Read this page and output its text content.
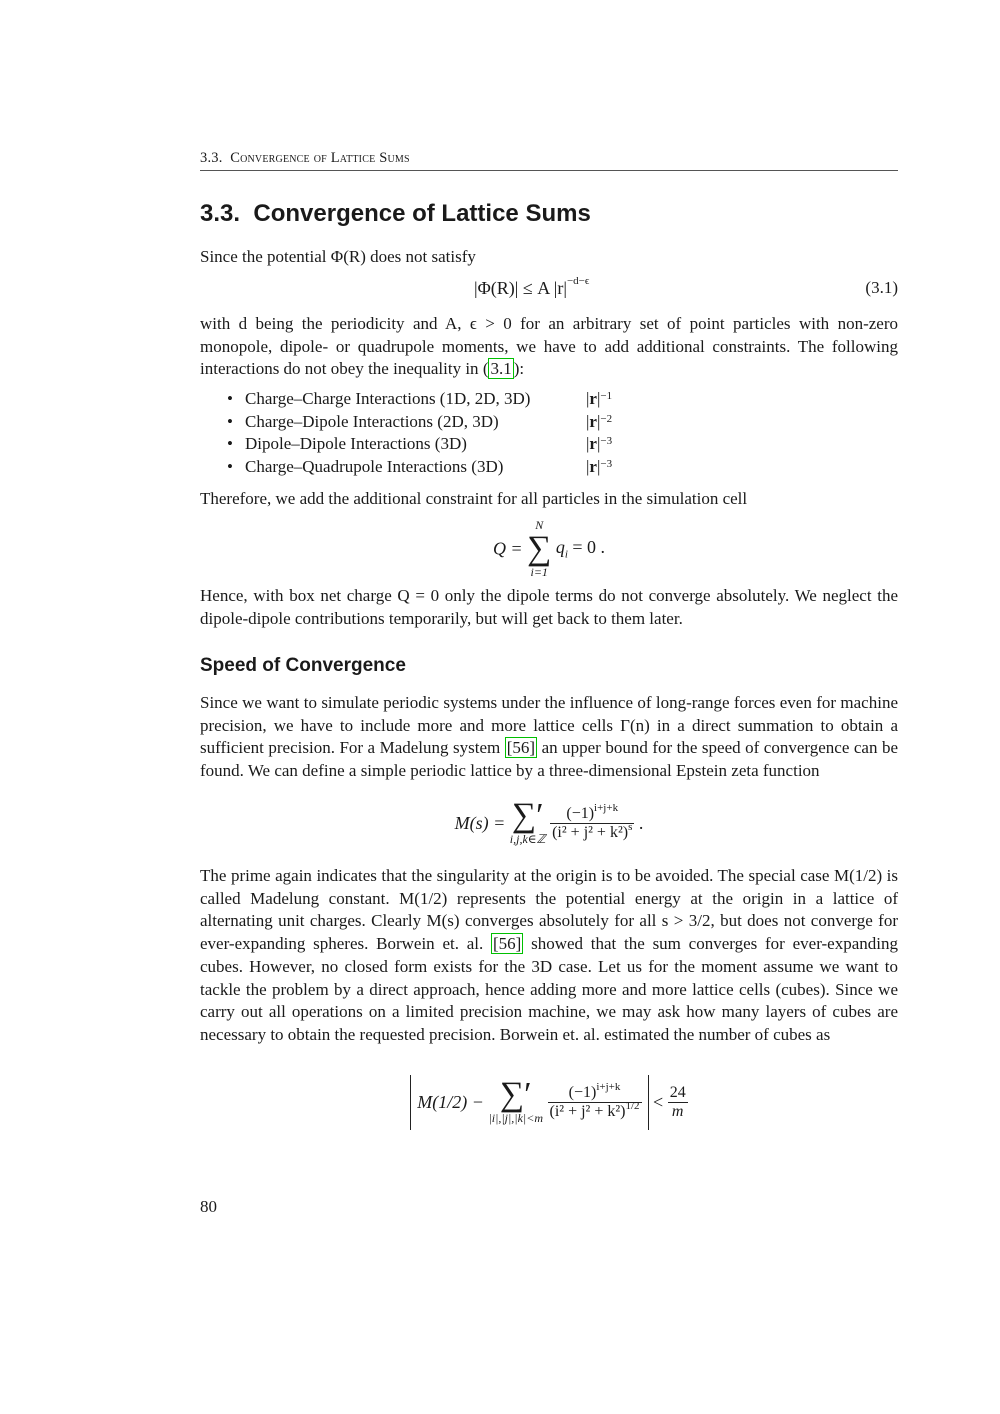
3.3. Convergence of Lattice Sums
3.3. Convergence of Lattice Sums

Since the potential Φ(R) does not satisfy

|Φ(R)| ≤ A $|r|^{-d-\epsilon}$	(3.1)

with d being the periodicity and A, ϵ > 0 for an arbitrary set of point particles with non-zero monopole, dipole- or quadrupole moments, we have to add additional constraints. The following interactions do not obey the inequality in ( 3.1 ):

• Charge–Charge Interactions (1D, 2D, 3D)	$|r|^{-1}$
• Charge–Dipole Interactions (2D, 3D)	$|r|^{-2}$
• Dipole–Dipole Interactions (3D)	$|r|^{-3}$
• Charge–Quadrupole Interactions (3D)	$|r|^{-3}$

Therefore, we add the additional constraint for all particles in the simulation cell

Q =
N
∑
i=1
$q_i = 0$ .

Hence, with box net charge Q = 0 only the dipole terms do not converge absolutely. We neglect the dipole-dipole contributions temporarily, but will get back to them later.

Speed of Convergence

Since we want to simulate periodic systems under the influence of long-range forces even for machine precision, we have to include more and more lattice cells Γ(n) in a direct summation to obtain a sufficient precision. For a Madelung system [56] an upper bound for the speed of convergence can be found. We can define a simple periodic lattice by a three-dimensional Epstein zeta function

M(s) = ∑′
i,j,k∈ℤ
$\frac{(-1)^{i+j+k}}{(i^2 + j^2 + k^2)^s}$ .

The prime again indicates that the singularity at the origin is to be avoided. The special case M(1/2) is called Madelung constant. M(1/2) represents the potential energy at the origin in a lattice of alternating unit charges. Clearly M(s) converges absolutely for all s > 3/2, but does not converge for ever-expanding spheres. Borwein et. al. [56] showed that the sum converges for ever-expanding cubes. However, no closed form exists for the 3D case. Let us for the moment assume we want to tackle the problem by a direct approach, hence adding more and more lattice cells (cubes). Since we carry out all operations on a limited precision machine, we may ask how many layers of cubes are necessary to obtain the requested precision. Borwein et. al. estimated the number of cubes as

M(1/2) − ∑′
|i|,|j|,|k|<m
$\frac{(-1)^{i+j+k}}{(i^2 + j^2 + k^2)^{1/2}} < \frac{24}{m}$
80
